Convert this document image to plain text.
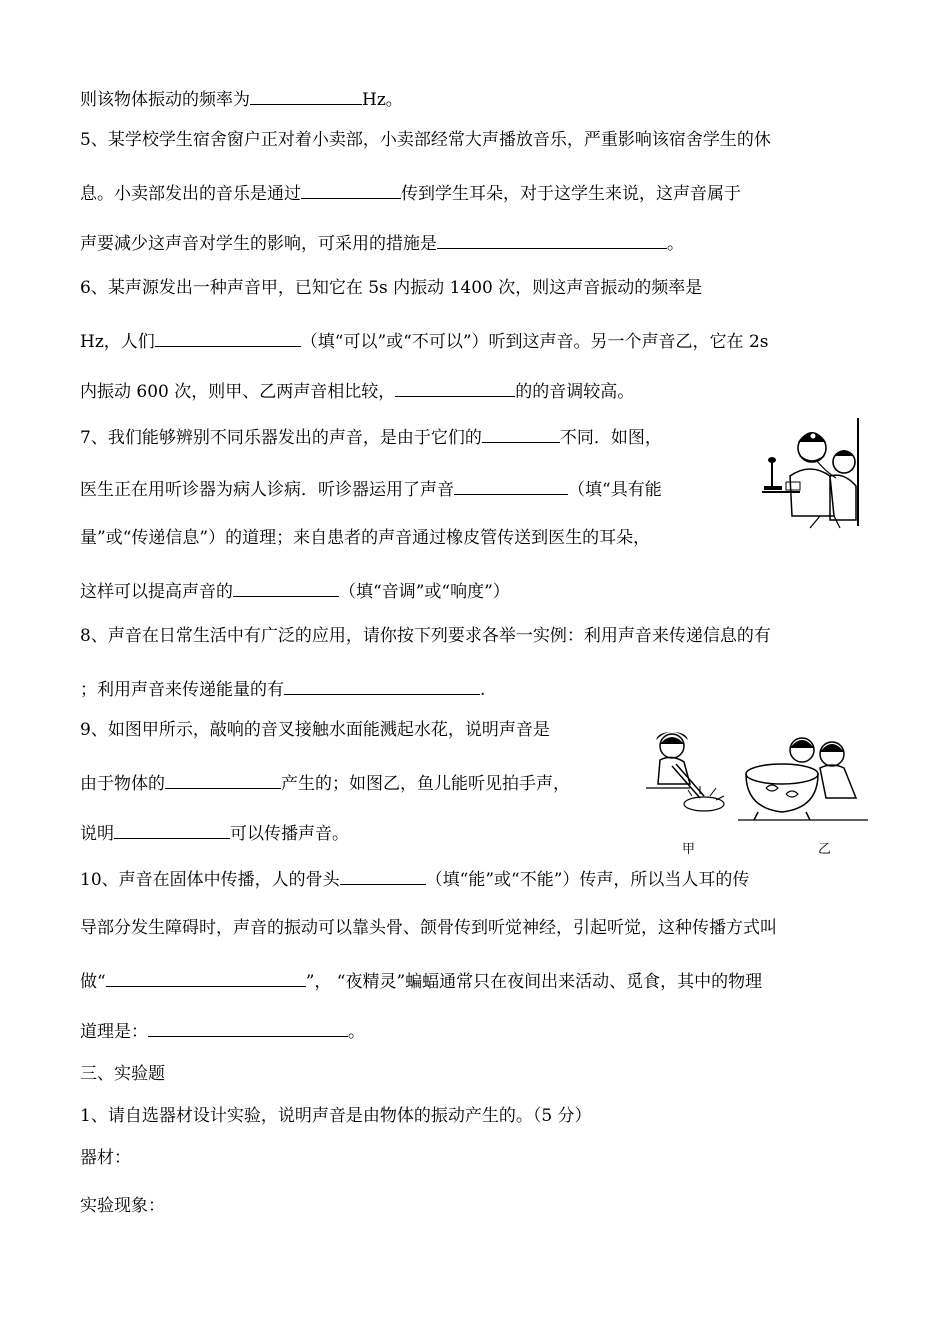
则该物体振动的频率为	Hz。
5、某学校学生宿舍窗户正对着小卖部，小卖部经常大声播放音乐，严重影响该宿舍学生的休
息。小卖部发出的音乐是通过	传到学生耳朵，对于这学生来说，这声音属于
声要减少这声音对学生的影响，可采用的措施是	。
6、某声源发出一种声音甲，已知它在 5s 内振动 1400 次，则这声音振动的频率是
Hz，人们	（填“可以”或“不可以”）听到这声音。另一个声音乙，它在 2s
内振动 600 次，则甲、乙两声音相比较，	的的音调较高。
7、我们能够辨别不同乐器发出的声音，是由于它们的	不同．如图，
医生正在用听诊器为病人诊病．听诊器运用了声音	（填“具有能
量”或“传递信息”）的道理；来自患者的声音通过橡皮管传送到医生的耳朵，
这样可以提高声音的	（填“音调”或“响度”）
8、声音在日常生活中有广泛的应用，请你按下列要求各举一实例：利用声音来传递信息的有
；利用声音来传递能量的有	.
9、如图甲所示，敲响的音叉接触水面能溅起水花，说明声音是
由于物体的	产生的；如图乙，鱼儿能听见拍手声，
说明	可以传播声音。
甲	乙
10、声音在固体中传播，人的骨头	（填“能”或“不能”）传声，所以当人耳的传
导部分发生障碍时，声音的振动可以靠头骨、颌骨传到听觉神经，引起听觉，这种传播方式叫
做“	”， “夜精灵”蝙蝠通常只在夜间出来活动、觅食，其中的物理
道理是：	。
三、实验题
1、请自选器材设计实验，说明声音是由物体的振动产生的。（5 分）
器材：
实验现象：
